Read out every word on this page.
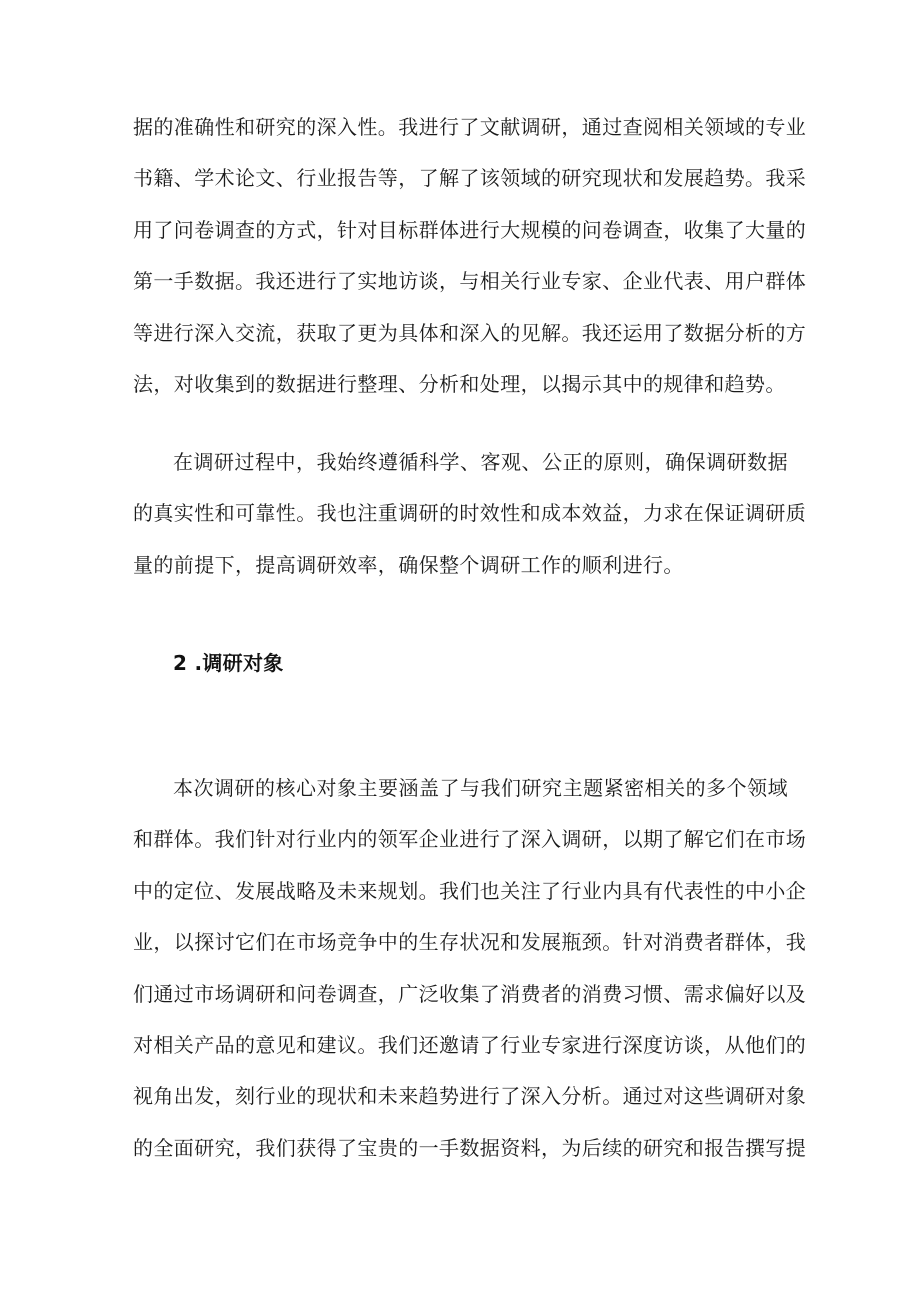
据的准确性和研究的深入性。我进行了文献调研，通过查阅相关领域的专业
书籍、学术论文、行业报告等，了解了该领域的研究现状和发展趋势。我采
用了问卷调查的方式，针对目标群体进行大规模的问卷调查，收集了大量的
第一手数据。我还进行了实地访谈，与相关行业专家、企业代表、用户群体
等进行深入交流，获取了更为具体和深入的见解。我还运用了数据分析的方
法，对收集到的数据进行整理、分析和处理，以揭示其中的规律和趋势。
在调研过程中，我始终遵循科学、客观、公正的原则，确保调研数据
的真实性和可靠性。我也注重调研的时效性和成本效益，力求在保证调研质
量的前提下，提高调研效率，确保整个调研工作的顺利进行。
2 .调研对象
本次调研的核心对象主要涵盖了与我们研究主题紧密相关的多个领域
和群体。我们针对行业内的领军企业进行了深入调研，以期了解它们在市场
中的定位、发展战略及未来规划。我们也关注了行业内具有代表性的中小企
业，以探讨它们在市场竞争中的生存状况和发展瓶颈。针对消费者群体，我
们通过市场调研和问卷调查，广泛收集了消费者的消费习惯、需求偏好以及
对相关产品的意见和建议。我们还邀请了行业专家进行深度访谈，从他们的
视角出发，刻行业的现状和未来趋势进行了深入分析。通过对这些调研对象
的全面研究，我们获得了宝贵的一手数据资料，为后续的研究和报告撰写提
